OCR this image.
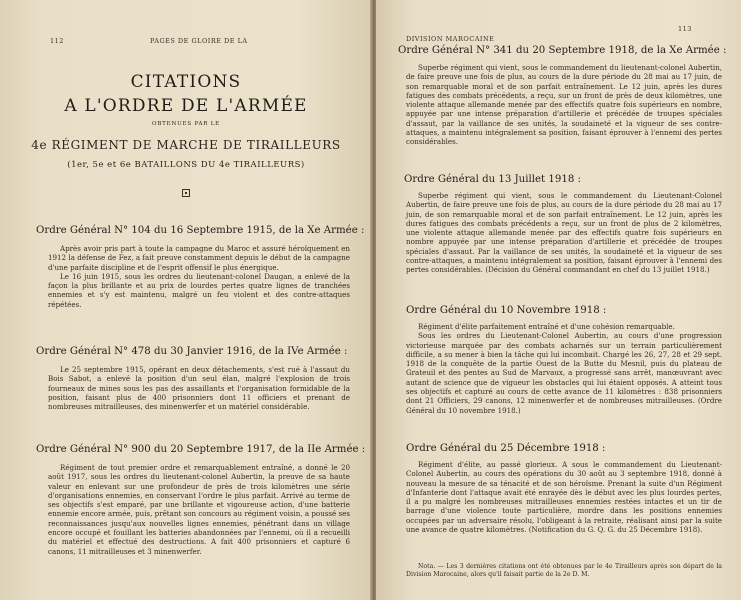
112	PAGES DE GLOIRE DE LA
CITATIONS
A L'ORDRE DE L'ARMÉE
OBTENUES PAR LE
4e RÉGIMENT DE MARCHE DE TIRAILLEURS
(1er, 5e et 6e BATAILLONS DU 4e TIRAILLEURS)
Ordre Général N° 104 du 16 Septembre 1915, de la Xe Armée :

Après avoir pris part à toute la campagne du Maroc et assuré héroïquement en 1912 la défense de Fez, a fait preuve constamment depuis le début de la campagne d'une parfaite discipline et de l'esprit offensif le plus énergique.

Le 16 juin 1915, sous les ordres du lieutenant-colonel Daugan, a enlevé de la façon la plus brillante et au prix de lourdes pertes quatre lignes de tranchées ennemies et s'y est maintenu, malgré un feu violent et des contre-attaques répétées.

Ordre Général N° 478 du 30 Janvier 1916, de la IVe Armée :

Le 25 septembre 1915, opérant en deux détachements, s'est rué à l'assaut du Bois Sabot, a enlevé la position d'un seul élan, malgré l'explosion de trois fourneaux de mines sous les pas des assaillants et l'organisation formidable de la position, faisant plus de 400 prisonniers dont 11 officiers et prenant de nombreuses mitrailleuses, des minenwerfer et un matériel considérable.

Ordre Général N° 900 du 20 Septembre 1917, de la IIe Armée :

Régiment de tout premier ordre et remarquablement entraîné, a donné le 20 août 1917, sous les ordres du lieutenant-colonel Aubertin, la preuve de sa haute valeur en enlevant sur une profondeur de près de trois kilomètres une série d'organisations ennemies, en conservant l'ordre le plus parfait. Arrivé au terme de ses objectifs s'est emparé, par une brillante et vigoureuse action, d'une batterie ennemie encore armée, puis, prêtant son concours au régiment voisin, a poussé ses reconnaissances jusqu'aux nouvelles lignes ennemies, pénétrant dans un village encore occupé et fouillant les batteries abandonnées par l'ennemi, où il a recueilli du matériel et effectué des destructions. A fait 400 prisonniers et capturé 6 canons, 11 mitrailleuses et 3 minenwerfer.

DIVISION MAROCAINE
113
Ordre Général N° 341 du 20 Septembre 1918, de la Xe Armée :

Superbe régiment qui vient, sous le commandement du lieutenant-colonel Aubertin, de faire preuve une fois de plus, au cours de la dure période du 28 mai au 17 juin, de son remarquable moral et de son parfait entraînement. Le 12 juin, après les dures fatigues des combats précédents, a reçu, sur un front de près de deux kilomètres, une violente attaque allemande menée par des effectifs quatre fois supérieurs en nombre, appuyée par une intense préparation d'artillerie et précédée de troupes spéciales d'assaut, par la vaillance de ses unités, la soudaineté et la vigueur de ses contre-attaques, a maintenu intégralement sa position, faisant éprouver à l'ennemi des pertes considérables.

Ordre Général du 13 Juillet 1918 :

Superbe régiment qui vient, sous le commandement du Lieutenant-Colonel Aubertin, de faire preuve une fois de plus, au cours de la dure période du 28 mai au 17 juin, de son remarquable moral et de son parfait entraînement. Le 12 juin, après les dures fatigues des combats précédents a reçu, sur un front de plus de 2 kilomètres, une violente attaque allemande menée par des effectifs quatre fois supérieurs en nombre appuyée par une intense préparation d'artillerie et précédée de troupes spéciales d'assaut. Par la vaillance de ses unités, la soudaineté et la vigueur de ses contre-attaques, a maintenu intégralement sa position, faisant éprouver à l'ennemi des pertes considérables. (Décision du Général commandant en chef du 13 juillet 1918.)

Ordre Général du 10 Novembre 1918 :

Régiment d'élite parfaitement entraîné et d'une cohésion remarquable.

Sous les ordres du Lieutenant-Colonel Aubertin, au cours d'une progression victorieuse marquée par des combats acharnés sur un terrain particulièrement difficile, a su mener à bien la tâche qui lui incombait. Chargé les 26, 27, 28 et 29 sept. 1918 de la conquête de la partie Ouest de la Butte du Mesnil, puis du plateau de Grateuil et des pentes au Sud de Marvaux, a progressé sans arrêt, manœuvrant avec autant de science que de vigueur les obstacles qui lui étaient opposés. A atteint tous ses objectifs et capturé au cours de cette avance de 11 kilomètres : 838 prisonniers dont 21 Officiers, 29 canons, 12 minenwerfer et de nombreuses mitrailleuses. (Ordre Général du 10 novembre 1918.)

Ordre Général du 25 Décembre 1918 :

Régiment d'élite, au passé glorieux. A sous le commandement du Lieutenant-Colonel Aubertin, au cours des opérations du 30 août au 3 septembre 1918, donné à nouveau la mesure de sa ténacité et de son héroïsme. Prenant la suite d'un Régiment d'Infanterie dont l'attaque avait été enrayée dès le début avec les plus lourdes pertes, il a pu malgré les nombreuses mitrailleuses ennemies restées intactes et un tir de barrage d'une violence toute particulière, mordre dans les positions ennemies occupées par un adversaire résolu, l'obligeant à la retraite, réalisant ainsi par la suite une avance de quatre kilomètres. (Notification du G. Q. G. du 25 Décembre 1918).

Nota. — Les 3 dernières citations ont été obtenues par le 4e Tirailleurs après son départ de la Division Marocaine, alors qu'il faisait partie de la 2e D. M.
